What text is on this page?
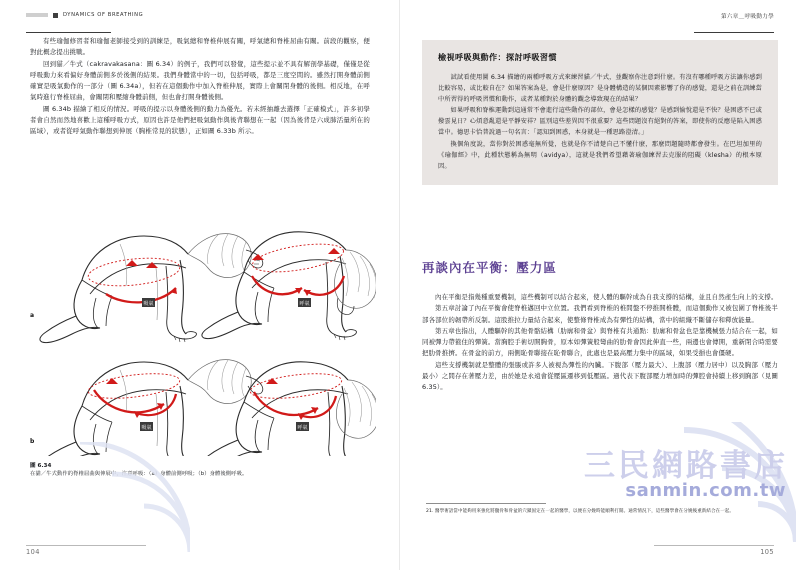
DYNAMICS OF BREATHING

有些瑜伽修習者和瑜伽老師接受到的訓練是，吸氣總和脊椎伸展有關，呼氣總和脊椎屈曲有關。前段的觀察，便對此概念提出挑戰。

回到貓／牛式（cakravakasana：圖 6.34）的例子，我們可以發覺，這些提示並不具有解剖學基礎，僅僅是從呼吸動力來看偏好身體前側多於後側的結果。我們身體當中的一切，包括呼吸，都是三度空間的。雖然打開身體前側確實是吸氣動作的一部分（圖 6.34a），但若在這個動作中加入脊椎伸展，實際上會關閉身體的後側。相反地，在呼氣時進行脊椎屈曲，會關閉和壓縮身體前側，但也會打開身體後側。

圖 6.34b 描繪了相反的情況。呼吸的提示以身體後側的動力為優先。若未經抽離去選擇「正確模式」，許多初學者會自然而然地喜歡上這種呼吸方式，原因也許是他們把吸氣動作與後背聯想在一起（因為後背是六成肺活量所在的區域），或者從呼氣動作聯想到伸展（胸椎常見的狀態），正如圖 6.33b 所示。

吸氣	呼氣
吸氣	呼氣
a
b
圖 6.34
在貓／牛式動作的脊椎屈曲與伸展中，注意呼吸：（a）身體前側呼吸；（b）身體後側呼吸。
104
第六章＿呼吸動力學
檢視呼吸與動作：探討呼吸習慣

試試看使用圖 6.34 描繪的兩種呼吸方式來練習貓／牛式，並觀察你注意到什麼。有沒有哪種呼吸方法讓你感到比較容易，或比較自在？如果答案為是，會是什麼原因？是身體構造的某個因素影響了你的感覺，還是之前在訓練當中所習得的呼吸習慣和動作，或者某種對於身體的觀念導致現在的結果？

如果呼吸和脊椎運動到這通常不會進行這些動作的部位，會是怎樣的感覺？是感到愉悅還是不快？是困惑不已或撥雲見日？心煩意亂還是平靜安祥？區別這些差異因不很重要？這些問題沒有絕對的答案，即使你的反應是陷入困惑當中。德思卡恰普說過一句名言：「認知到困惑，本身就是一種思路澄清。」

換個角度說，當你對於困惑毫無所覺，也就是你不清楚自己不懂什麼，那麼問題隨時都會發生。在巴坦加里的《瑜伽經》中，此種狀態稱為無明（avidya），這就是我們希望藉著瑜伽練習去克服的阻礙（klesha）的根本原因。

再談內在平衡：壓力區

內在平衡是指幾種重要機制，這些機制可以結合起來，使人體的驅幹成為自我支撐的結構，並且自然產生向上的支撐。

第五章討論了內在平衡會使脊椎邁回中立位置。我們看到脊椎的椎間盤不停推開椎體，而這個動作又被包圍了脊椎後半部各部位的韌帶所反制。這股推拉力量結合起來，使整條脊椎成為有彈性的結構，當中的組織不斷儲存和釋放能量。

第五章也指出，人體驅幹的其他骨骼結構（肋廓和骨盆）與脊椎有共通點：肋廓和骨盆也是靠機械張力結合在一起，如同被彈力帶箍住的彈簧。當胸腔手術切開胸骨，原本如彈簧般彎曲的肋骨會因此伸直一些，兩邊也會傳開，重新閉合時需要把肋骨推擠。在骨盆的前方，兩側恥骨聯接在恥骨聯合，此處也是最高壓力集中的區域，如果受損也會僵硬。

這些支撐機制就是整體的張脹或許多人被視為彈性的內臟。下腹部（壓力最大）、上腹部（壓力居中）以及胸部（壓力最小）之間存在著壓力差，由於她是永遠會從壓區遷移到低壓區。過代表下腹部壓力增加時的彈腔會持續上移到胸部（見圖 6.35）。

三民網路書店
sanmin.com.tw
21. 醫學術語當中能夠用來強化將髖骨和骨盆的穴鎖固定在一起的醫學，以便在分娩時能順利打開。通常情況下，這些醫學會在分娩後重新結合在一起。
105
